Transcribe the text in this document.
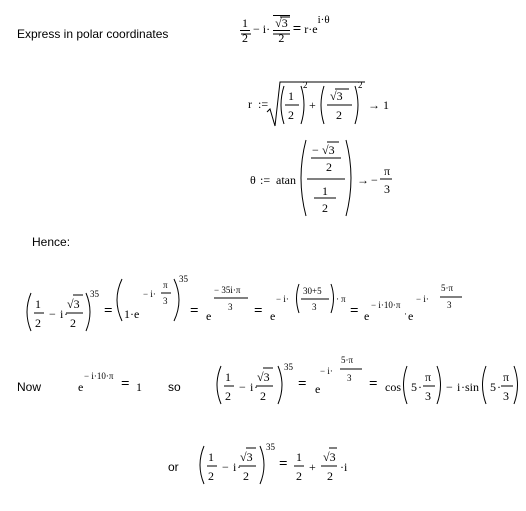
Express in polar coordinates	$\frac{1}{2} - i\cdot \frac{√3}{2} = r\cdot ei\cdot\theta$
r :=
1
2
2
+
√3
2
2
→ 1
θ := atan
− √3
2
1
2
→ −
π
3
Hence:
1
2
− i ·
√3
2
35
= 1 · e
− i·
π
3
35
= e
− 35i·π
3 = e
− i·
30+5
3
· π
= e
− i·10·π
· e
− i·
5·π
3
Now	e
− i·10·π = 1 so
1
2
− i ·
√3
2
35
= e
− i·
5·π
3 = cos 5 ·
π
3
− i · sin 5 ·
π
3
or
1
2
− i ·
√3
2
35
= 1
2
+
√3
2
· i
